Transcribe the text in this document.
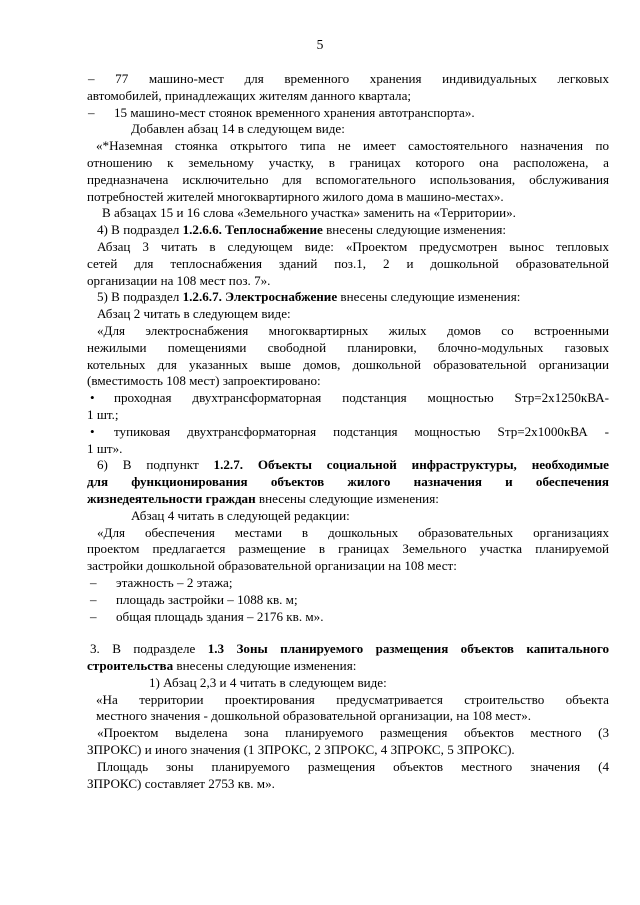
5

– 77 машино-мест для временного хранения индивидуальных легковых

автомобилей, принадлежащих жителям данного квартала;

– 15 машино-мест стоянок временного хранения автотранспорта».

Добавлен абзац 14 в следующем виде:

«*Наземная стоянка открытого типа не имеет самостоятельного назначения по

отношению к земельному участку, в границах которого она расположена, а

предназначена исключительно для вспомогательного использования, обслуживания

потребностей жителей многоквартирного жилого дома в машино-местах».

В абзацах 15 и 16 слова «Земельного участка» заменить на «Территории».

4) В подраздел 1.2.6.6. Теплоснабжение внесены следующие изменения:

Абзац 3 читать в следующем виде: «Проектом предусмотрен вынос тепловых

сетей для теплоснабжения зданий поз.1, 2 и дошкольной образовательной

организации на 108 мест поз. 7».

5) В подраздел 1.2.6.7. Электроснабжение внесены следующие изменения:

Абзац 2 читать в следующем виде:

«Для электроснабжения многоквартирных жилых домов со встроенными

нежилыми помещениями свободной планировки, блочно-модульных газовых

котельных для указанных выше домов, дошкольной образовательной организации

(вместимость 108 мест) запроектировано:

• проходная двухтрансформаторная подстанция мощностью Sтр=2х1250кВА-

1 шт.;

• тупиковая двухтрансформаторная подстанция мощностью Sтр=2х1000кВА -

1 шт».

6) В подпункт 1.2.7. Объекты социальной инфраструктуры, необходимые

для функционирования объектов жилого назначения и обеспечения

жизнедеятельности граждан внесены следующие изменения:

Абзац 4 читать в следующей редакции:

«Для обеспечения местами в дошкольных образовательных организациях

проектом предлагается размещение в границах Земельного участка планируемой

застройки дошкольной образовательной организации на 108 мест:

– этажность – 2 этажа;

– площадь застройки – 1088 кв. м;

– общая площадь здания – 2176 кв. м».

3. В подразделе 1.3 Зоны планируемого размещения объектов капитального

строительства внесены следующие изменения:

1) Абзац 2,3 и 4 читать в следующем виде:

«На территории проектирования предусматривается строительство объекта

местного значения - дошкольной образовательной организации, на 108 мест».

«Проектом выделена зона планируемого размещения объектов местного (3

ЗПРОКС) и иного значения (1 ЗПРОКС, 2 ЗПРОКС, 4 ЗПРОКС, 5 ЗПРОКС).

Площадь зоны планируемого размещения объектов местного значения (4

ЗПРОКС) составляет 2753 кв. м».
